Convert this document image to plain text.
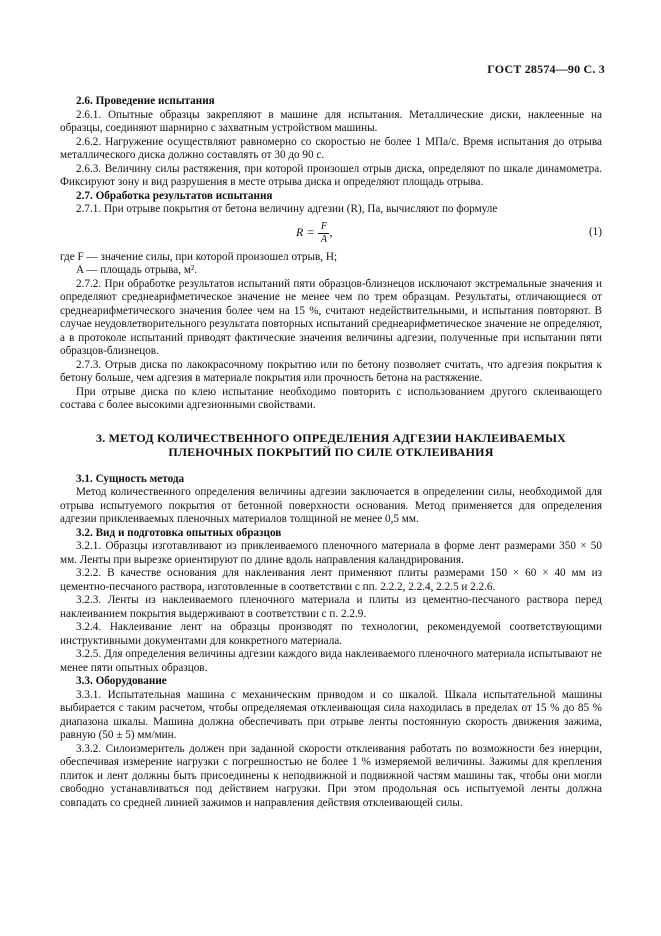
ГОСТ 28574—90 С. 3

2.6. Проведение испытания

2.6.1. Опытные образцы закрепляют в машине для испытания. Металлические диски, наклеенные на образцы, соединяют шарнирно с захватным устройством машины.

2.6.2. Нагружение осуществляют равномерно со скоростью не более 1 МПа/с. Время испытания до отрыва металлического диска должно составлять от 30 до 90 с.

2.6.3. Величину силы растяжения, при которой произошел отрыв диска, определяют по шкале динамометра. Фиксируют зону и вид разрушения в месте отрыва диска и определяют площадь отрыва.

2.7. Обработка результатов испытания

2.7.1. При отрыве покрытия от бетона величину адгезии (R), Па, вычисляют по формуле

$R = \frac{F}{A}$ ,	(1)

где F — значение силы, при которой произошел отрыв, Н;

A — площадь отрыва, м².

2.7.2. При обработке результатов испытаний пяти образцов-близнецов исключают экстремальные значения и определяют среднеарифметическое значение не менее чем по трем образцам. Результаты, отличающиеся от среднеарифметического значения более чем на 15 %, считают недействительными, и испытания повторяют. В случае неудовлетворительного результата повторных испытаний среднеарифметическое значение не определяют, а в протоколе испытаний приводят фактические значения величины адгезии, полученные при испытании пяти образцов-близнецов.

2.7.3. Отрыв диска по лакокрасочному покрытию или по бетону позволяет считать, что адгезия покрытия к бетону больше, чем адгезия в материале покрытия или прочность бетона на растяжение.

При отрыве диска по клею испытание необходимо повторить с использованием другого склеивающего состава с более высокими адгезионными свойствами.

3. МЕТОД КОЛИЧЕСТВЕННОГО ОПРЕДЕЛЕНИЯ АДГЕЗИИ НАКЛЕИВАЕМЫХ
ПЛЕНОЧНЫХ ПОКРЫТИЙ ПО СИЛЕ ОТКЛЕИВАНИЯ

3.1. Сущность метода

Метод количественного определения величины адгезии заключается в определении силы, необходимой для отрыва испытуемого покрытия от бетонной поверхности основания. Метод применяется для определения адгезии приклеиваемых пленочных материалов толщиной не менее 0,5 мм.

3.2. Вид и подготовка опытных образцов

3.2.1. Образцы изготавливают из приклеиваемого пленочного материала в форме лент размерами 350 × 50 мм. Ленты при вырезке ориентируют по длине вдоль направления каландрирования.

3.2.2. В качестве основания для наклеивания лент применяют плиты размерами 150 × 60 × 40 мм из цементно-песчаного раствора, изготовленные в соответствии с пп. 2.2.2, 2.2.4, 2.2.5 и 2.2.6.

3.2.3. Ленты из наклеиваемого пленочного материала и плиты из цементно-песчаного раствора перед наклеиванием покрытия выдерживают в соответствии с п. 2.2.9.

3.2.4. Наклеивание лент на образцы производят по технологии, рекомендуемой соответствующими инструктивными документами для конкретного материала.

3.2.5. Для определения величины адгезии каждого вида наклеиваемого пленочного материала испытывают не менее пяти опытных образцов.

3.3. Оборудование

3.3.1. Испытательная машина с механическим приводом и со шкалой. Шкала испытательной машины выбирается с таким расчетом, чтобы определяемая отклеивающая сила находилась в пределах от 15 % до 85 % диапазона шкалы. Машина должна обеспечивать при отрыве ленты постоянную скорость движения зажима, равную (50 ± 5) мм/мин.

3.3.2. Силоизмеритель должен при заданной скорости отклеивания работать по возможности без инерции, обеспечивая измерение нагрузки с погрешностью не более 1 % измеряемой величины. Зажимы для крепления плиток и лент должны быть присоединены к неподвижной и подвижной частям машины так, чтобы они могли свободно устанавливаться под действием нагрузки. При этом продольная ось испытуемой ленты должна совпадать со средней линией зажимов и направления действия отклеивающей силы.
